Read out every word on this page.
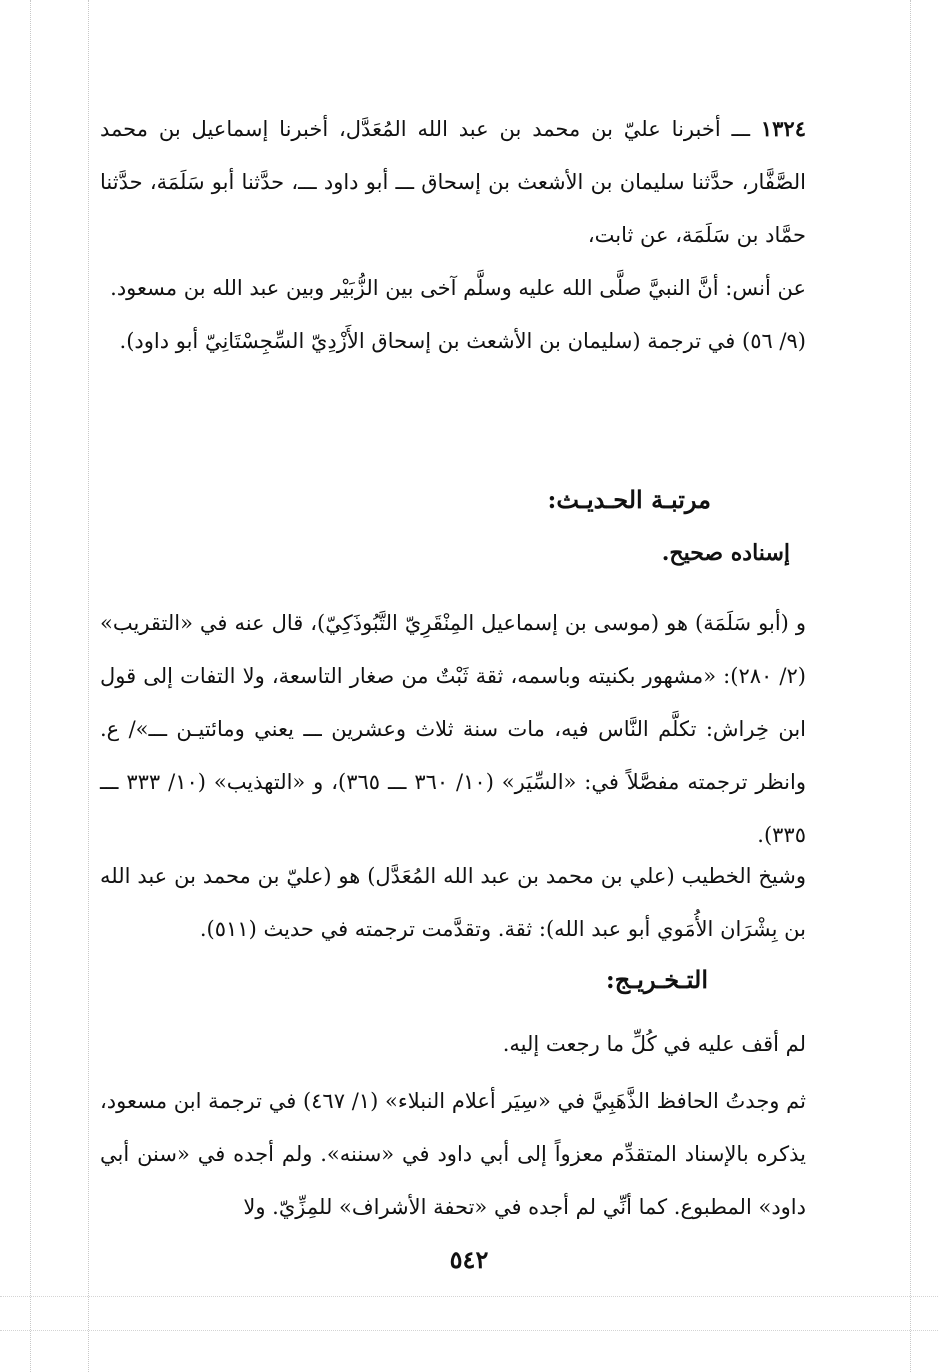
١٣٢٤ ـــ أخبرنا عليّ بن محمد بن عبد الله المُعَدَّل، أخبرنا إسماعيل بن محمد الصَّفَّار، حدَّثنا سليمان بن الأشعث بن إسحاق ـــ أبو داود ـــ، حدَّثنا أبو سَلَمَة، حدَّثنا حمَّاد بن سَلَمَة، عن ثابت،

عن أنس: أنَّ النبيَّ صلَّى الله عليه وسلَّم آخى بين الزُّبَيْر وبين عبد الله بن مسعود.

(٩/ ٥٦) في ترجمة (سليمان بن الأشعث بن إسحاق الأَزْدِيّ السِّجِسْتَانِيّ أبو داود).

مرتبـة الحـديـث:
إسناده صحيح.

و (أبو سَلَمَة) هو (موسى بن إسماعيل المِنْقَرِيّ التَّبُوذَكِيّ)، قال عنه في «التقريب» (٢/ ٢٨٠): «مشهور بكنيته وباسمه، ثقة ثَبْتٌ من صغار التاسعة، ولا التفات إلى قول ابن خِراش: تكلَّم النَّاس فيه، مات سنة ثلاث وعشرين ـــ يعني ومائتيـن ـــ»/ ع. وانظر ترجمته مفصَّلاً في: «السِّيَر» (١٠/ ٣٦٠ ـــ ٣٦٥)، و «التهذيب» (١٠/ ٣٣٣ ـــ ٣٣٥).

وشيخ الخطيب (علي بن محمد بن عبد الله المُعَدَّل) هو (عليّ بن محمد بن عبد الله بن بِشْرَان الأُمَوي أبو عبد الله): ثقة. وتقدَّمت ترجمته في حديث (٥١١).

التـخـريـج:

لم أقف عليه في كُلِّ ما رجعت إليه.

ثم وجدتُ الحافظ الذَّهَبِيَّ في «سِيَر أعلام النبلاء» (١/ ٤٦٧) في ترجمة ابن مسعود، يذكره بالإسناد المتقدِّم معزواً إلى أبي داود في «سننه». ولم أجده في «سنن أبي داود» المطبوع. كما أنِّي لم أجده في «تحفة الأشراف» للمِزِّيّ. ولا

٥٤٢
